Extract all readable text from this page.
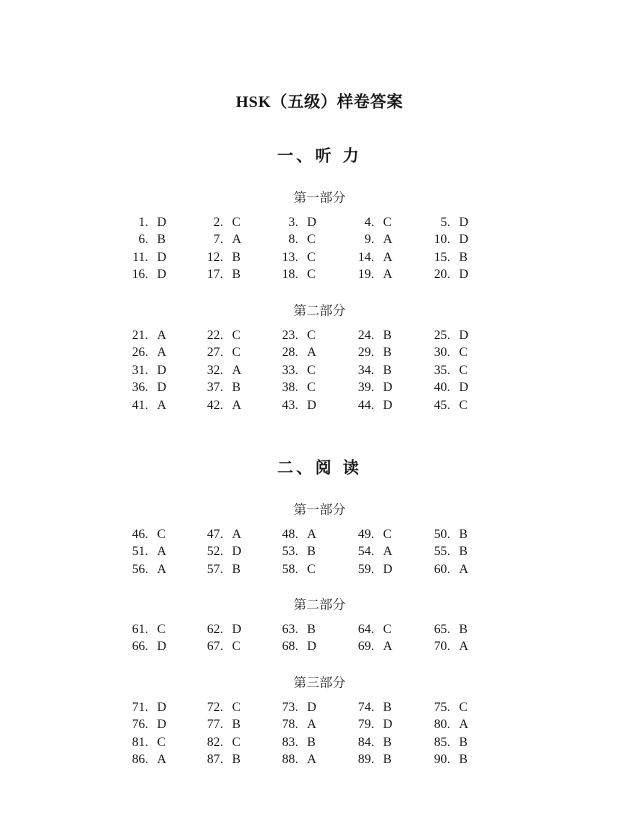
HSK（五级）样卷答案
一、听 力
第一部分
1. D	2. C	3. D	4. C	5. D
6. B	7. A	8. C	9. A	10. D
11. D	12. B	13. C	14. A	15. B
16. D	17. B	18. C	19. A	20. D
第二部分
21. A	22. C	23. C	24. B	25. D
26. A	27. C	28. A	29. B	30. C
31. D	32. A	33. C	34. B	35. C
36. D	37. B	38. C	39. D	40. D
41. A	42. A	43. D	44. D	45. C
二、阅 读
第一部分
46. C	47. A	48. A	49. C	50. B
51. A	52. D	53. B	54. A	55. B
56. A	57. B	58. C	59. D	60. A
第二部分
61. C	62. D	63. B	64. C	65. B
66. D	67. C	68. D	69. A	70. A
第三部分
71. D	72. C	73. D	74. B	75. C
76. D	77. B	78. A	79. D	80. A
81. C	82. C	83. B	84. B	85. B
86. A	87. B	88. A	89. B	90. B
